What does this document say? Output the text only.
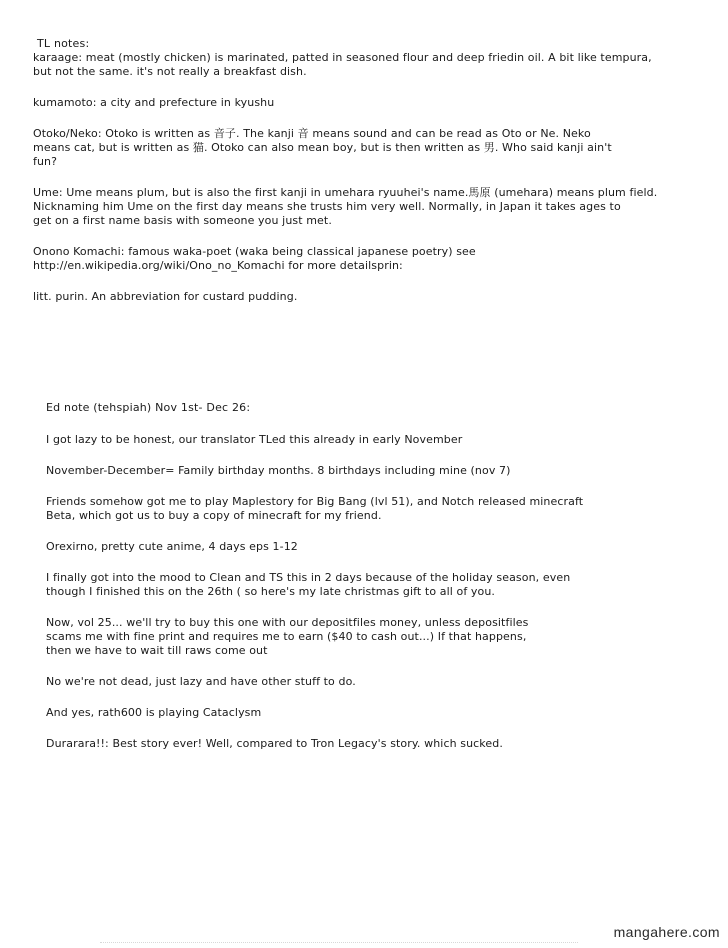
TL notes:

karaage: meat (mostly chicken) is marinated, patted in seasoned flour and deep friedin oil. A bit like tempura,
but not the same. it's not really a breakfast dish.

kumamoto: a city and prefecture in kyushu

Otoko/Neko: Otoko is written as 音子. The kanji 音 means sound and can be read as Oto or Ne. Neko
means cat, but is written as 猫. Otoko can also mean boy, but is then written as 男. Who said kanji ain't
fun?

Ume: Ume means plum, but is also the first kanji in umehara ryuuhei's name.馬原 (umehara) means plum field.
Nicknaming him Ume on the first day means she trusts him very well. Normally, in Japan it takes ages to
get on a first name basis with someone you just met.

Onono Komachi: famous waka-poet (waka being classical japanese poetry) see
http://en.wikipedia.org/wiki/Ono_no_Komachi for more detailsprin:

litt. purin. An abbreviation for custard pudding.

Ed note (tehspiah) Nov 1st- Dec 26:

I got lazy to be honest, our translator TLed this already in early November

November-December= Family birthday months. 8 birthdays including mine (nov 7)

Friends somehow got me to play Maplestory for Big Bang (lvl 51), and Notch released minecraft
Beta, which got us to buy a copy of minecraft for my friend.

Orexirno, pretty cute anime, 4 days eps 1-12

I finally got into the mood to Clean and TS this in 2 days because of the holiday season, even
though I finished this on the 26th ( so here's my late christmas gift to all of you.

Now, vol 25... we'll try to buy this one with our depositfiles money, unless depositfiles
scams me with fine print and requires me to earn ($40 to cash out...) If that happens,
then we have to wait till raws come out

No we're not dead, just lazy and have other stuff to do.

And yes, rath600 is playing Cataclysm

Durarara!!: Best story ever! Well, compared to Tron Legacy's story. which sucked.

mangahere.com
